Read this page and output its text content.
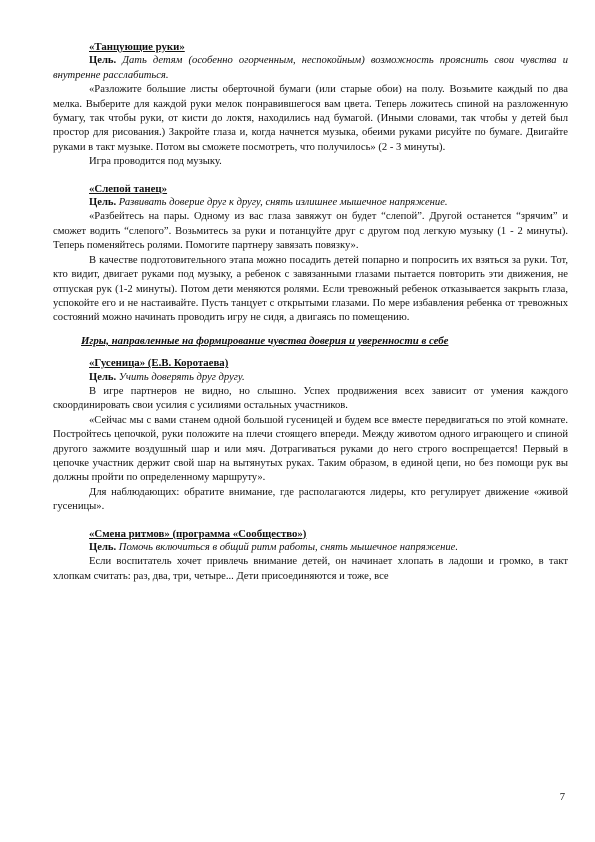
«Танцующие руки»

Цель. Дать детям (особенно огорченным, неспокойным) возможность прояснить свои чувства и внутренне расслабиться.

«Разложите большие листы оберточной бумаги (или старые обои) на полу. Возьмите каждый по два мелка. Выберите для каждой руки мелок понравившегося вам цвета. Теперь ложитесь спиной на разложенную бумагу, так чтобы руки, от кисти до локтя, находились над бумагой. (Иными словами, так чтобы у детей был простор для рисования.) Закройте глаза и, когда начнется музыка, обеими руками рисуйте по бумаге. Двигайте руками в такт музыке. Потом вы сможете посмотреть, что получилось» (2 - 3 минуты).

Игра проводится под музыку.

«Слепой танец»

Цель. Развивать доверие друг к другу, снять излишнее мышечное напряжение.

«Разбейтесь на пары. Одному из вас глаза завяжут он будет “слепой”. Другой останется “зрячим” и сможет водить “слепого”. Возьмитесь за руки и потанцуйте друг с другом под легкую музыку (1 - 2 минуты). Теперь поменяйтесь ролями. Помогите партнеру завязать повязку».

В качестве подготовительного этапа можно посадить детей попарно и попросить их взяться за руки. Тот, кто видит, двигает руками под музыку, а ребенок с завязанными глазами пытается повторить эти движения, не отпуская рук (1-2 минуты). Потом дети меняются ролями. Если тревожный ребенок отказывается закрыть глаза, успокойте его и не настаивайте. Пусть танцует с открытыми глазами. По мере избавления ребенка от тревожных состояний можно начинать проводить игру не сидя, а двигаясь по помещению.

Игры, направленные на формирование чувства доверия и уверенности в себе

«Гусеница» (Е.В. Коротаева)

Цель. Учить доверять друг другу.

В игре партнеров не видно, но слышно. Успех продвижения всех зависит от умения каждого скоординировать свои усилия с усилиями остальных участников.

«Сейчас мы с вами станем одной большой гусеницей и будем все вместе передвигаться по этой комнате. Постройтесь цепочкой, руки положите на плечи стоящего впереди. Между животом одного играющего и спиной другого зажмите воздушный шар и или мяч. Дотрагиваться руками до него строго воспрещается! Первый в цепочке участник держит свой шар на вытянутых руках. Таким образом, в единой цепи, но без помощи рук вы должны пройти по определенному маршруту».

Для наблюдающих: обратите внимание, где располагаются лидеры, кто регулирует движение «живой гусеницы».

«Смена ритмов» (программа «Сообщество»)

Цель. Помочь включиться в общий ритм работы, снять мышечное напряжение.

Если воспитатель хочет привлечь внимание детей, он начинает хлопать в ладоши и громко, в такт хлопкам считать: раз, два, три, четыре... Дети присоединяются и тоже, все

7
